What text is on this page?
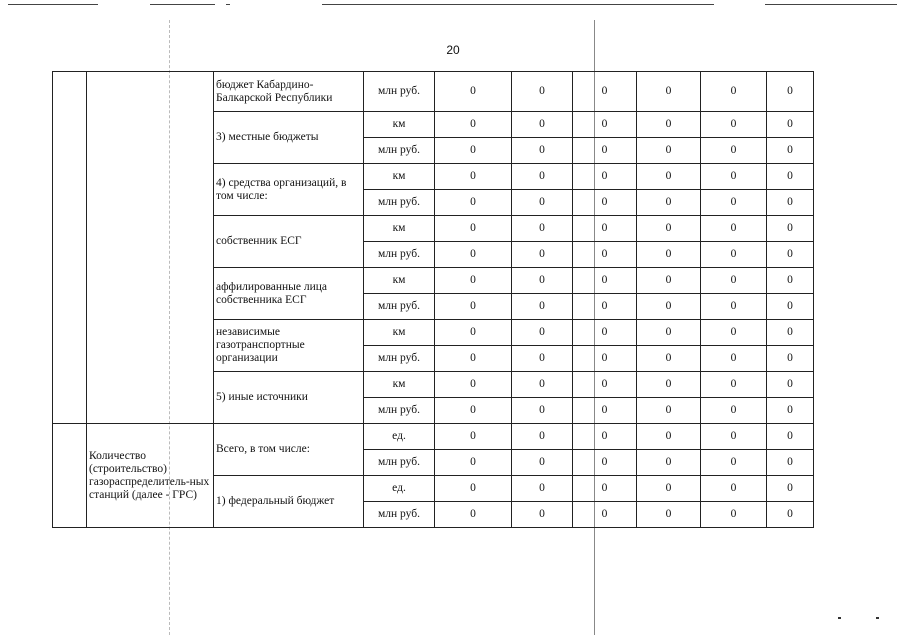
20
		бюджет Кабардино-Балкарской Республики	млн руб.	0	0	0	0	0	0
		3) местные бюджеты	км	0	0	0	0	0	0
			млн руб.	0	0	0	0	0	0
		4) средства организаций, в том числе:	км	0	0	0	0	0	0
			млн руб.	0	0	0	0	0	0
		собственник ЕСГ	км	0	0	0	0	0	0
			млн руб.	0	0	0	0	0	0
		аффилированные лица собственника ЕСГ	км	0	0	0	0	0	0
			млн руб.	0	0	0	0	0	0
		независимые газотранспортные организации	км	0	0	0	0	0	0
			млн руб.	0	0	0	0	0	0
		5) иные источники	км	0	0	0	0	0	0
			млн руб.	0	0	0	0	0	0
	Количество (строительство) газораспределитель-ных станций (далее - ГРС)	Всего, в том числе:	ед.	0	0	0	0	0	0
			млн руб.	0	0	0	0	0	0
		1) федеральный бюджет	ед.	0	0	0	0	0	0
			млн руб.	0	0	0	0	0	0
